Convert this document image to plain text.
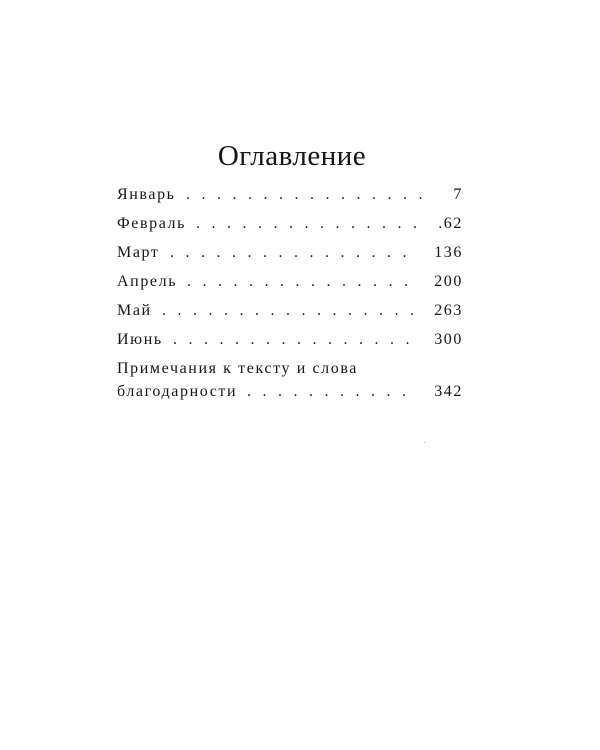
Оглавление
Январь ................ 7
Февраль ............... .62
Март ................ 136
Апрель ............... 200
Май ................. 263
Июнь ................ 300
Примечания к тексту и слова
благодарности ........... 342
